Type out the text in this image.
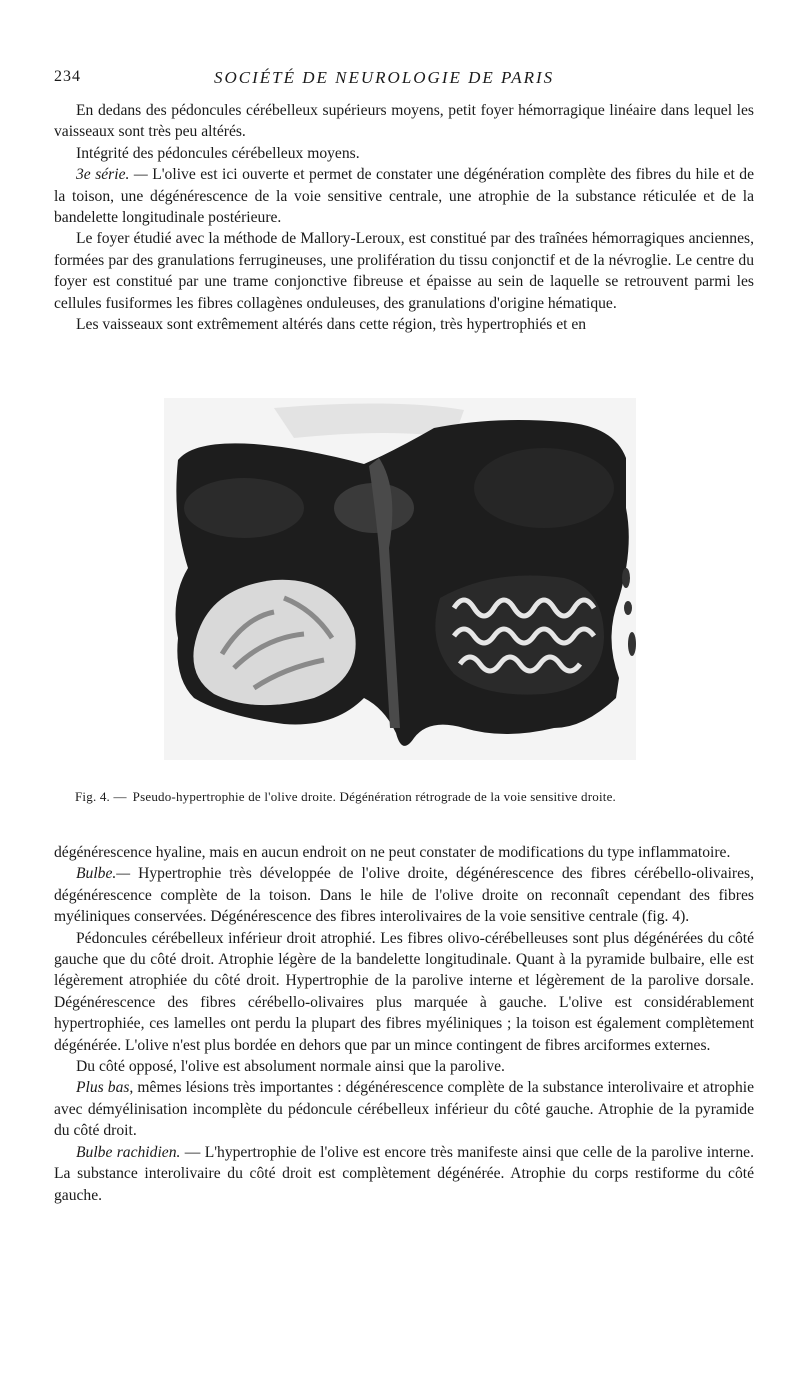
234	SOCIÉTÉ DE NEUROLOGIE DE PARIS

En dedans des pédoncules cérébelleux supérieurs moyens, petit foyer hémorragique linéaire dans lequel les vaisseaux sont très peu altérés.

Intégrité des pédoncules cérébelleux moyens.

3e série. — L'olive est ici ouverte et permet de constater une dégénération complète des fibres du hile et de la toison, une dégénérescence de la voie sensitive centrale, une atrophie de la substance réticulée et de la bandelette longitudinale postérieure.

Le foyer étudié avec la méthode de Mallory-Leroux, est constitué par des traînées hémorragiques anciennes, formées par des granulations ferrugineuses, une prolifération du tissu conjonctif et de la névroglie. Le centre du foyer est constitué par une trame conjonctive fibreuse et épaisse au sein de laquelle se retrouvent parmi les cellules fusiformes les fibres collagènes onduleuses, des granulations d'origine hématique.

Les vaisseaux sont extrêmement altérés dans cette région, très hypertrophiés et en

Fig. 4. — Pseudo-hypertrophie de l'olive droite. Dégénération rétrograde de la voie sensitive droite.

dégénérescence hyaline, mais en aucun endroit on ne peut constater de modifications du type inflammatoire.

Bulbe.— Hypertrophie très développée de l'olive droite, dégénérescence des fibres cérébello-olivaires, dégénérescence complète de la toison. Dans le hile de l'olive droite on reconnaît cependant des fibres myéliniques conservées. Dégénérescence des fibres interolivaires de la voie sensitive centrale (fig. 4).

Pédoncules cérébelleux inférieur droit atrophié. Les fibres olivo-cérébelleuses sont plus dégénérées du côté gauche que du côté droit. Atrophie légère de la bandelette longitudinale. Quant à la pyramide bulbaire, elle est légèrement atrophiée du côté droit. Hypertrophie de la parolive interne et légèrement de la parolive dorsale. Dégénérescence des fibres cérébello-olivaires plus marquée à gauche. L'olive est considérablement hypertrophiée, ces lamelles ont perdu la plupart des fibres myéliniques ; la toison est également complètement dégénérée. L'olive n'est plus bordée en dehors que par un mince contingent de fibres arciformes externes.

Du côté opposé, l'olive est absolument normale ainsi que la parolive.

Plus bas, mêmes lésions très importantes : dégénérescence complète de la substance interolivaire et atrophie avec démyélinisation incomplète du pédoncule cérébelleux inférieur du côté gauche. Atrophie de la pyramide du côté droit.

Bulbe rachidien. — L'hypertrophie de l'olive est encore très manifeste ainsi que celle de la parolive interne. La substance interolivaire du côté droit est complètement dégénérée. Atrophie du corps restiforme du côté gauche.
